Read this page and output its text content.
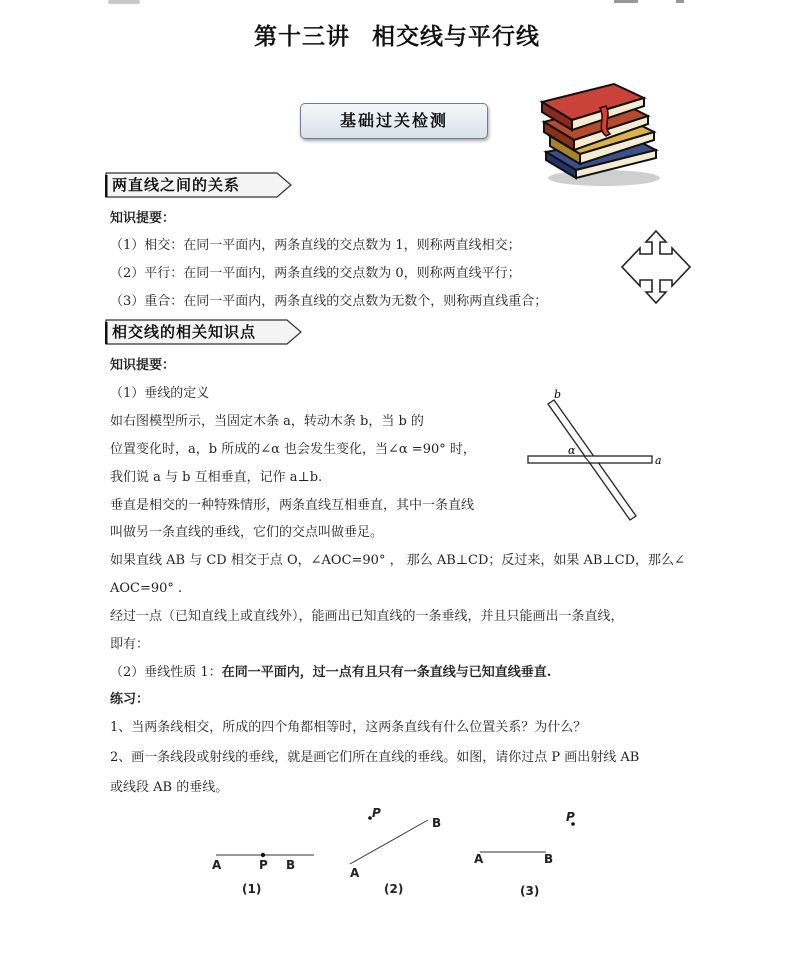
第十三讲 相交线与平行线
基础过关检测
两直线之间的关系
知识提要：
（1）相交：在同一平面内，两条直线的交点数为 1，则称两直线相交；
（2）平行：在同一平面内，两条直线的交点数为 0，则称两直线平行；
（3）重合：在同一平面内，两条直线的交点数为无数个，则称两直线重合；
相交线的相关知识点
知识提要：
（1）垂线的定义
如右图模型所示，当固定木条 a，转动木条 b，当 b 的
位置变化时，a，b 所成的∠α 也会发生变化，当∠α =90° 时，
我们说 a 与 b 互相垂直，记作 a⊥b.
垂直是相交的一种特殊情形，两条直线互相垂直，其中一条直线
叫做另一条直线的垂线，它们的交点叫做垂足。
如果直线 AB 与 CD 相交于点 O，∠AOC=90° ， 那么 AB⊥CD；反过来，如果 AB⊥CD，那么∠
AOC=90° .
经过一点（已知直线上或直线外），能画出已知直线的一条垂线，并且只能画出一条直线，
即有：
（2）垂线性质 1：在同一平面内，过一点有且只有一条直线与已知直线垂直.
b
a
α
练习：
1、当两条线相交，所成的四个角都相等时，这两条直线有什么位置关系？为什么？
2、画一条线段或射线的垂线，就是画它们所在直线的垂线。如图，请你过点 P 画出射线 AB
或线段 AB 的垂线。
A	P B
(1)
P
B
A
(2)
P
A	B
(3)
